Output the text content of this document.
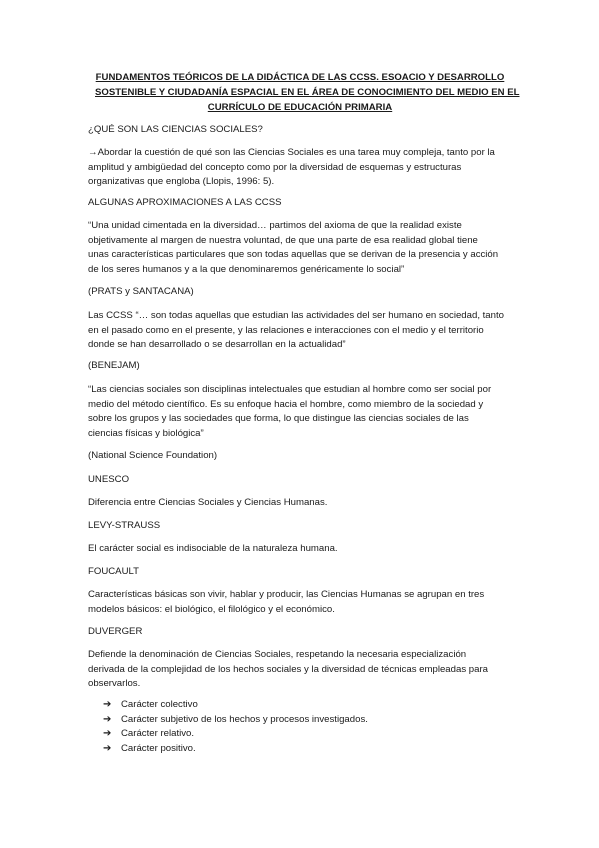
FUNDAMENTOS TEÓRICOS DE LA DIDÁCTICA DE LAS CCSS. ESOACIO Y DESARROLLO
SOSTENIBLE Y CIUDADANÍA ESPACIAL EN EL ÁREA DE CONOCIMIENTO DEL MEDIO EN EL
CURRÍCULO DE EDUCACIÓN PRIMARIA
¿QUÉ SON LAS CIENCIAS SOCIALES?
→Abordar la cuestión de qué son las Ciencias Sociales es una tarea muy compleja, tanto por la
amplitud y ambigüedad del concepto como por la diversidad de esquemas y estructuras
organizativas que engloba (Llopis, 1996: 5).
ALGUNAS APROXIMACIONES A LAS CCSS
“Una unidad cimentada en la diversidad… partimos del axioma de que la realidad existe
objetivamente al margen de nuestra voluntad, de que una parte de esa realidad global tiene
unas características particulares que son todas aquellas que se derivan de la presencia y acción
de los seres humanos y a la que denominaremos genéricamente lo social”
(PRATS y SANTACANA)
Las CCSS “… son todas aquellas que estudian las actividades del ser humano en sociedad, tanto
en el pasado como en el presente, y las relaciones e interacciones con el medio y el territorio
donde se han desarrollado o se desarrollan en la actualidad”
(BENEJAM)
“Las ciencias sociales son disciplinas intelectuales que estudian al hombre como ser social por
medio del método científico. Es su enfoque hacia el hombre, como miembro de la sociedad y
sobre los grupos y las sociedades que forma, lo que distingue las ciencias sociales de las
ciencias físicas y biológica”
(National Science Foundation)
UNESCO
Diferencia entre Ciencias Sociales y Ciencias Humanas.
LEVY-STRAUSS
El carácter social es indisociable de la naturaleza humana.
FOUCAULT
Características básicas son vivir, hablar y producir, las Ciencias Humanas se agrupan en tres
modelos básicos: el biológico, el filológico y el económico.
DUVERGER
Defiende la denominación de Ciencias Sociales, respetando la necesaria especialización
derivada de la complejidad de los hechos sociales y la diversidad de técnicas empleadas para
observarlos.
➔	Carácter colectivo
➔	Carácter subjetivo de los hechos y procesos investigados.
➔	Carácter relativo.
➔	Carácter positivo.
